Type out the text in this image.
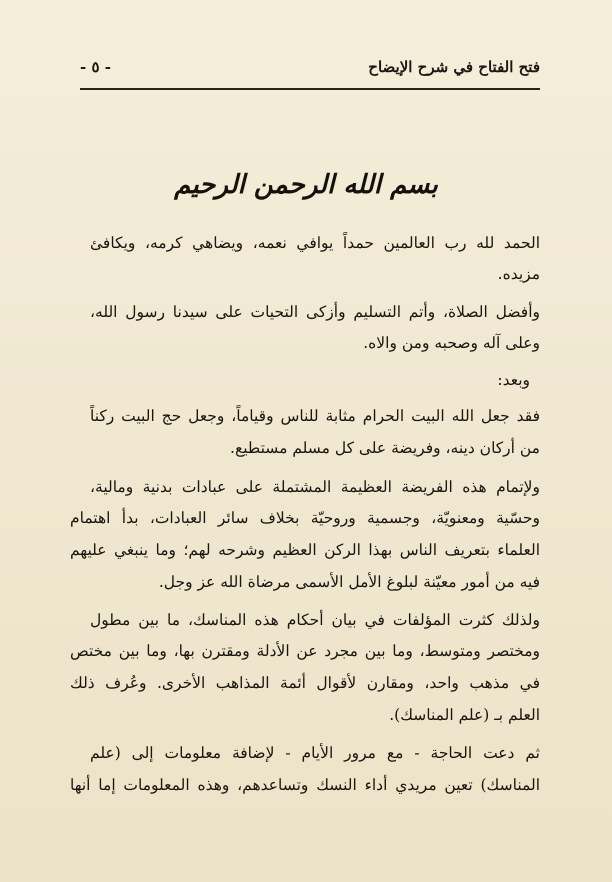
فتح الفتاح في شرح الإيضاح
- ٥ -
بسم الله الرحمن الرحيم
الحمد لله رب العالمين حمداً يوافي نعمه، ويضاهي كرمه، ويكافئ
مزيده.
وأفضل الصلاة، وأتم التسليم وأزكى التحيات على سيدنا رسول الله،
وعلى آله وصحبه ومن والاه.
وبعد:
فقد جعل الله البيت الحرام مثابة للناس وقياماً، وجعل حج البيت ركناً
من أركان دينه، وفريضة على كل مسلم مستطيع.
ولإتمام هذه الفريضة العظيمة المشتملة على عبادات بدنية ومالية،
وحسّية ومعنويّة، وجسمية وروحيّة بخلاف سائر العبادات، بدأ اهتمام
العلماء بتعريف الناس بهذا الركن العظيم وشرحه لهم؛ وما ينبغي عليهم
فيه من أمور معيّنة لبلوغ الأمل الأسمى مرضاة الله عز وجل.
ولذلك كثرت المؤلفات في بيان أحكام هذه المناسك، ما بين مطول
ومختصر ومتوسط، وما بين مجرد عن الأدلة ومقترن بها، وما بين مختص
في مذهب واحد، ومقارن لأقوال أئمة المذاهب الأخرى. وعُرف ذلك
العلم بـ (علم المناسك).
ثم دعت الحاجة - مع مرور الأيام - لإضافة معلومات إلى (علم
المناسك) تعين مريدي أداء النسك وتساعدهم، وهذه المعلومات إما أنها
